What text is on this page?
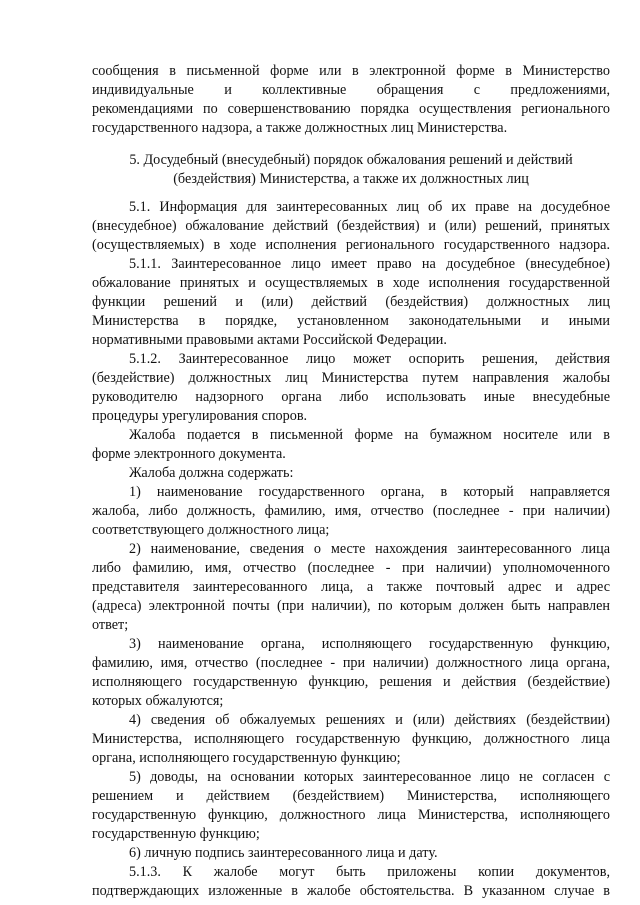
сообщения в письменной форме или в электронной форме в Министерство
индивидуальные и коллективные обращения с предложениями,
рекомендациями по совершенствованию порядка осуществления регионального
государственного надзора, а также должностных лиц Министерства.
5. Досудебный (внесудебный) порядок обжалования решений и действий
(бездействия) Министерства, а также их должностных лиц
5.1. Информация для заинтересованных лиц об их праве на досудебное
(внесудебное) обжалование действий (бездействия) и (или) решений, принятых
(осуществляемых) в ходе исполнения регионального государственного надзора.
5.1.1. Заинтересованное лицо имеет право на досудебное (внесудебное)
обжалование принятых и осуществляемых в ходе исполнения государственной
функции решений и (или) действий (бездействия) должностных лиц
Министерства в порядке, установленном законодательными и иными
нормативными правовыми актами Российской Федерации.
5.1.2. Заинтересованное лицо может оспорить решения, действия
(бездействие) должностных лиц Министерства путем направления жалобы
руководителю надзорного органа либо использовать иные внесудебные
процедуры урегулирования споров.
Жалоба подается в письменной форме на бумажном носителе или в
форме электронного документа.
Жалоба должна содержать:
1) наименование государственного органа, в который направляется
жалоба, либо должность, фамилию, имя, отчество (последнее - при наличии)
соответствующего должностного лица;
2) наименование, сведения о месте нахождения заинтересованного лица
либо фамилию, имя, отчество (последнее - при наличии) уполномоченного
представителя заинтересованного лица, а также почтовый адрес и адрес
(адреса) электронной почты (при наличии), по которым должен быть направлен
ответ;
3) наименование органа, исполняющего государственную функцию,
фамилию, имя, отчество (последнее - при наличии) должностного лица органа,
исполняющего государственную функцию, решения и действия (бездействие)
которых обжалуются;
4) сведения об обжалуемых решениях и (или) действиях (бездействии)
Министерства, исполняющего государственную функцию, должностного лица
органа, исполняющего государственную функцию;
5) доводы, на основании которых заинтересованное лицо не согласен с
решением и действием (бездействием) Министерства, исполняющего
государственную функцию, должностного лица Министерства, исполняющего
государственную функцию;
6) личную подпись заинтересованного лица и дату.
5.1.3. К жалобе могут быть приложены копии документов,
подтверждающих изложенные в жалобе обстоятельства. В указанном случае в
